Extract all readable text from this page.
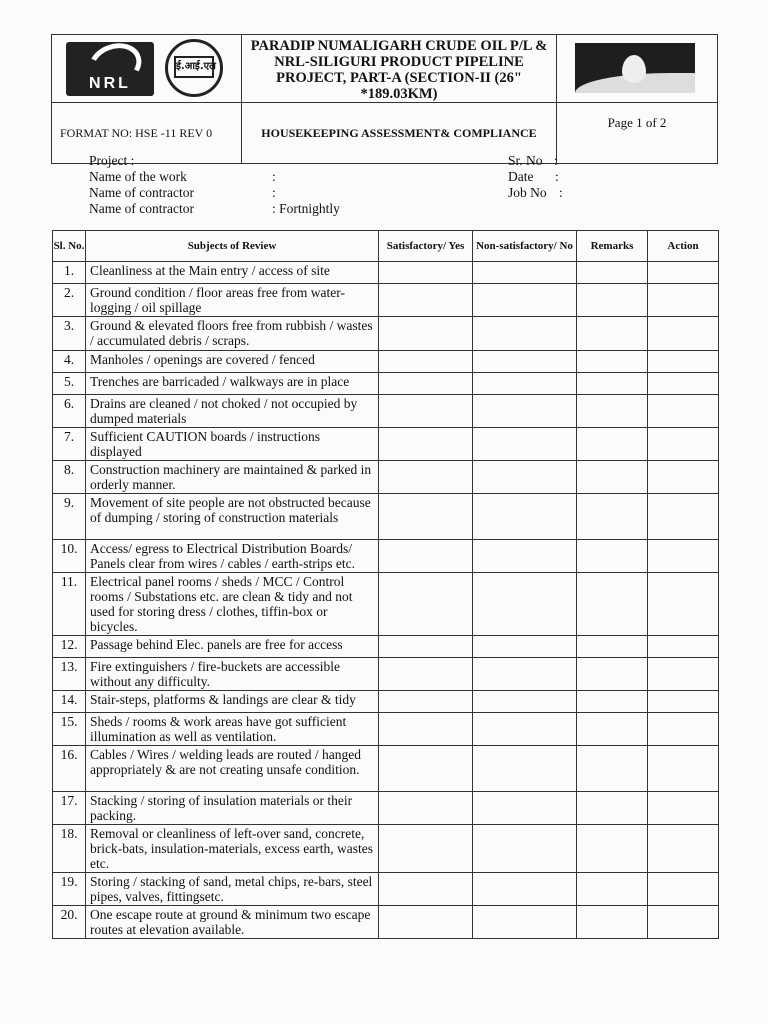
NRL
ई.आई.एल	PARADIP NUMALIGARH CRUDE OIL P/L & NRL-SILIGURI PRODUCT PIPELINE PROJECT, PART-A (SECTION-II (26" *189.03KM)	

FORMAT NO: HSE -11 REV 0	HOUSEKEEPING ASSESSMENT& COMPLIANCE	Page 1 of 2
Project :
Name of the work	:
Name of contractor	:
Name of contractor	: Fortnightly
Sr. No :
Date :
Job No :
Sl. No.	Subjects of Review	Satisfactory/ Yes	Non-satisfactory/ No	Remarks	Action
1.	Cleanliness at the Main entry / access of site				
2.	Ground condition / floor areas free from water-logging / oil spillage				
3.	Ground & elevated floors free from rubbish / wastes / accumulated debris / scraps.				
4.	Manholes / openings are covered / fenced				
5.	Trenches are barricaded / walkways are in place				
6.	Drains are cleaned / not choked / not occupied by dumped materials				
7.	Sufficient CAUTION boards / instructions displayed				
8.	Construction machinery are maintained & parked in orderly manner.				
9.	Movement of site people are not obstructed because of dumping / storing of construction materials				
10.	Access/ egress to Electrical Distribution Boards/ Panels clear from wires / cables / earth-strips etc.				
11.	Electrical panel rooms / sheds / MCC / Control rooms / Substations etc. are clean & tidy and not used for storing dress / clothes, tiffin-box or bicycles.				
12.	Passage behind Elec. panels are free for access				
13.	Fire extinguishers / fire-buckets are accessible without any difficulty.				
14.	Stair-steps, platforms & landings are clear & tidy				
15.	Sheds / rooms & work areas have got sufficient illumination as well as ventilation.				
16.	Cables / Wires / welding leads are routed / hanged appropriately & are not creating unsafe condition.				
17.	Stacking / storing of insulation materials or their packing.				
18.	Removal or cleanliness of left-over sand, concrete, brick-bats, insulation-materials, excess earth, wastes etc.				
19.	Storing / stacking of sand, metal chips, re-bars, steel pipes, valves, fittingsetc.				
20.	One escape route at ground & minimum two escape routes at elevation available.				
